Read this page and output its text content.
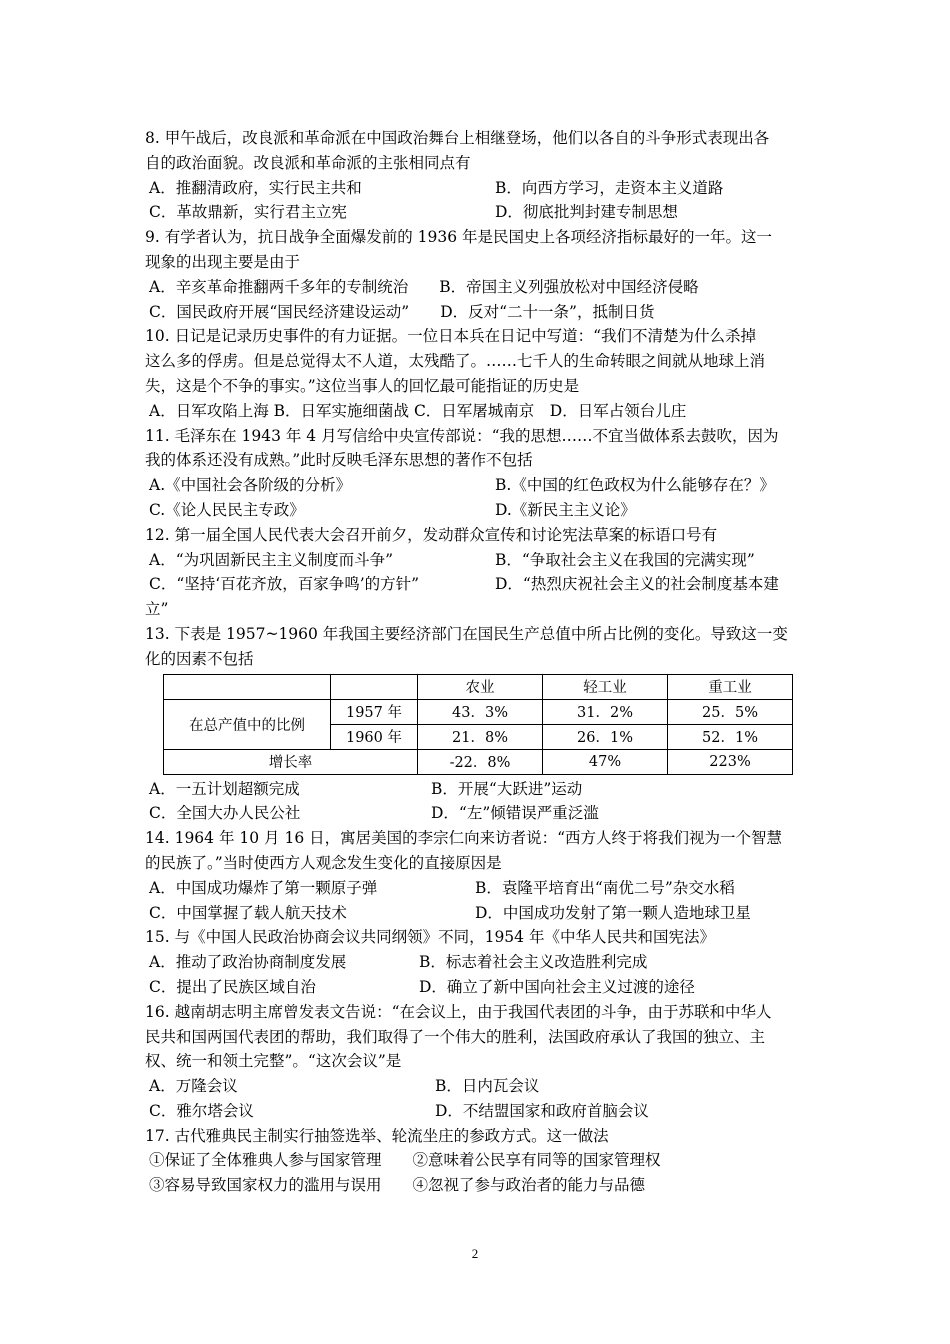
8. 甲午战后，改良派和革命派在中国政治舞台上相继登场，他们以各自的斗争形式表现出各
自的政治面貌。改良派和革命派的主张相同点有
A．推翻清政府，实行民主共和	B．向西方学习，走资本主义道路
C．革故鼎新，实行君主立宪	D．彻底批判封建专制思想
9. 有学者认为，抗日战争全面爆发前的 1936 年是民国史上各项经济指标最好的一年。这一
现象的出现主要是由于
A．辛亥革命推翻两千多年的专制统治　　B．帝国主义列强放松对中国经济侵略
C．国民政府开展“国民经济建设运动”　　D．反对“二十一条”，抵制日货
10. 日记是记录历史事件的有力证据。一位日本兵在日记中写道：“我们不清楚为什么杀掉
这么多的俘虏。但是总觉得太不人道，太残酷了。……七千人的生命转眼之间就从地球上消
失，这是个不争的事实。”这位当事人的回忆最可能指证的历史是
A．日军攻陷上海 B．日军实施细菌战 C．日军屠城南京　D．日军占领台儿庄
11. 毛泽东在 1943 年 4 月写信给中央宣传部说：“我的思想……不宜当做体系去鼓吹，因为
我的体系还没有成熟。”此时反映毛泽东思想的著作不包括
A.《中国社会各阶级的分析》	B.《中国的红色政权为什么能够存在？》
C.《论人民民主专政》	D.《新民主主义论》
12. 第一届全国人民代表大会召开前夕，发动群众宣传和讨论宪法草案的标语口号有
A．“为巩固新民主主义制度而斗争”	B．“争取社会主义在我国的完满实现”
C．“坚持‘百花齐放，百家争鸣’的方针”	D．“热烈庆祝社会主义的社会制度基本建
立”
13. 下表是 1957~1960 年我国主要经济部门在国民生产总值中所占比例的变化。导致这一变
化的因素不包括
		农业	轻工业	重工业
在总产值中的比例	1957 年	43．3%	31．2%	25．5%
	1960 年	21．8%	26．1%	52．1%
增长率		-22．8%	47%	223%
A．一五计划超额完成	B．开展“大跃进”运动
C．全国大办人民公社	D．“左”倾错误严重泛滥
14. 1964 年 10 月 16 日，寓居美国的李宗仁向来访者说：“西方人终于将我们视为一个智慧
的民族了。”当时使西方人观念发生变化的直接原因是
A．中国成功爆炸了第一颗原子弹	B．袁隆平培育出“南优二号”杂交水稻
C．中国掌握了载人航天技术	D．中国成功发射了第一颗人造地球卫星
15. 与《中国人民政治协商会议共同纲领》不同，1954 年《中华人民共和国宪法》
A．推动了政治协商制度发展	B．标志着社会主义改造胜利完成
C．提出了民族区域自治	D．确立了新中国向社会主义过渡的途径
16. 越南胡志明主席曾发表文告说：“在会议上，由于我国代表团的斗争，由于苏联和中华人
民共和国两国代表团的帮助，我们取得了一个伟大的胜利，法国政府承认了我国的独立、主
权、统一和领土完整”。“这次会议”是
A．万隆会议	B．日内瓦会议
C．雅尔塔会议	D．不结盟国家和政府首脑会议
17. 古代雅典民主制实行抽签选举、轮流坐庄的参政方式。这一做法
①保证了全体雅典人参与国家管理　　②意味着公民享有同等的国家管理权
③容易导致国家权力的滥用与误用　　④忽视了参与政治者的能力与品德
2
